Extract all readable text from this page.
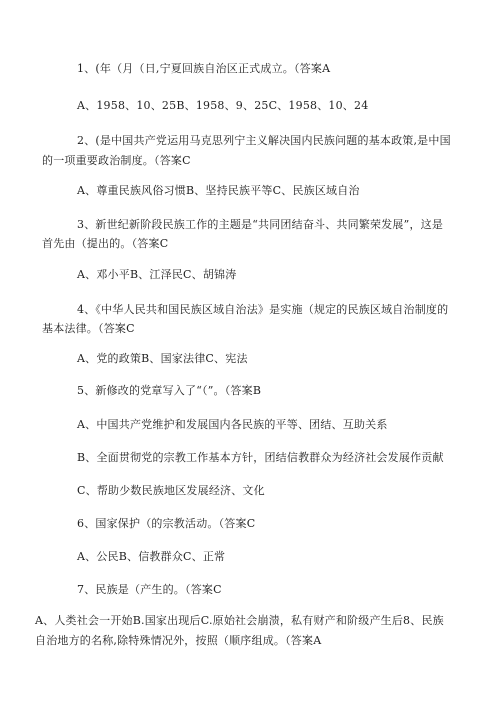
1、(年（月（日,宁夏回族自治区正式成立。（答案A
A、1958、10、25B、1958、9、25C、1958、10、24
2、(是中国共产党运用马克思列宁主义解决国内民族问题的基本政策,是中国
的一项重要政治制度。（答案C
A、尊重民族风俗习惯B、坚持民族平等C、民族区域自治
3、新世纪新阶段民族工作的主题是“共同团结奋斗、共同繁荣发展”，这是
首先由（提出的。（答案C
A、邓小平B、江泽民C、胡锦涛
4、《中华人民共和国民族区域自治法》是实施（规定的民族区域自治制度的
基本法律。（答案C
A、党的政策B、国家法律C、宪法
5、新修改的党章写入了“（”。（答案B
A、中国共产党维护和发展国内各民族的平等、团结、互助关系
B、全面贯彻党的宗教工作基本方针，团结信教群众为经济社会发展作贡献
C、帮助少数民族地区发展经济、文化
6、国家保护（的宗教活动。（答案C
A、公民B、信教群众C、正常
7、民族是（产生的。（答案C
A、人类社会一开始B.国家出现后C.原始社会崩溃，私有财产和阶级产生后8、民族
自治地方的名称,除特殊情况外，按照（顺序组成。（答案A
